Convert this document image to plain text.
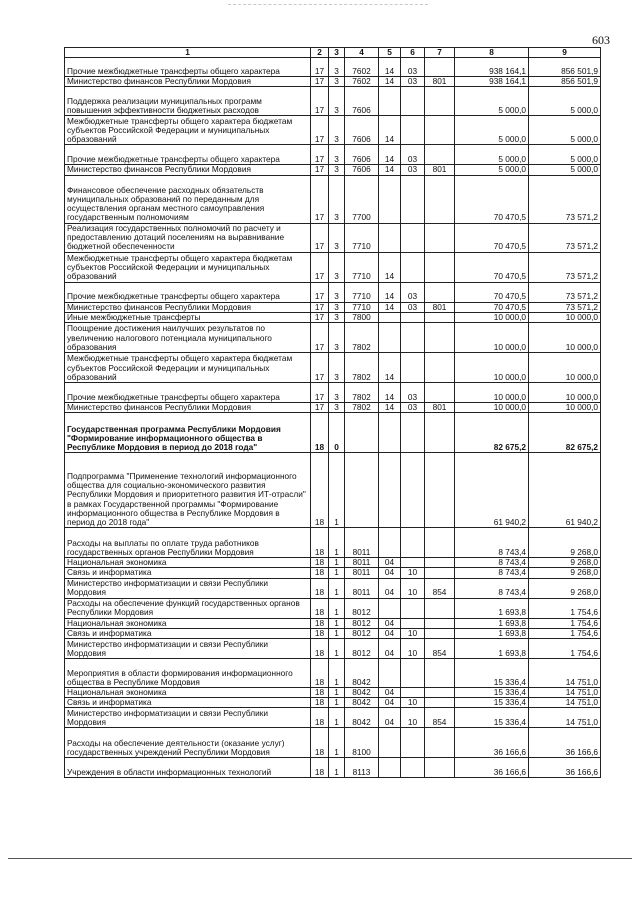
603
1	2	3	4	5	6	7	8	9
Прочие межбюджетные трансферты общего характера	17	3	7602	14	03		938 164,1	856 501,9
Министерство финансов Республики Мордовия	17	3	7602	14	03	801	938 164,1	856 501,9
Поддержка реализации муниципальных программ повышения эффективности бюджетных расходов	17	3	7606				5 000,0	5 000,0
Межбюджетные трансферты общего характера бюджетам субъектов Российской Федерации и муниципальных образований	17	3	7606	14			5 000,0	5 000,0
Прочие межбюджетные трансферты общего характера	17	3	7606	14	03		5 000,0	5 000,0
Министерство финансов Республики Мордовия	17	3	7606	14	03	801	5 000,0	5 000,0
Финансовое обеспечение расходных обязательств муниципальных образований по переданным для осуществления органам местного самоуправления государственным полномочиям	17	3	7700				70 470,5	73 571,2
Реализация государственных полномочий по расчету и предоставлению дотаций поселениям на выравнивание бюджетной обеспеченности	17	3	7710				70 470,5	73 571,2
Межбюджетные трансферты общего характера бюджетам субъектов Российской Федерации и муниципальных образований	17	3	7710	14			70 470,5	73 571,2
Прочие межбюджетные трансферты общего характера	17	3	7710	14	03		70 470,5	73 571,2
Министерство финансов Республики Мордовия	17	3	7710	14	03	801	70 470,5	73 571,2
Иные межбюджетные трансферты	17	3	7800				10 000,0	10 000,0
Поощрение достижения наилучших результатов по увеличению налогового потенциала муниципального образования	17	3	7802				10 000,0	10 000,0
Межбюджетные трансферты общего характера бюджетам субъектов Российской Федерации и муниципальных образований	17	3	7802	14			10 000,0	10 000,0
Прочие межбюджетные трансферты общего характера	17	3	7802	14	03		10 000,0	10 000,0
Министерство финансов Республики Мордовия	17	3	7802	14	03	801	10 000,0	10 000,0
Государственная программа Республики Мордовия "Формирование информационного общества в Республике Мордовия в период до 2018 года"	18	0					82 675,2	82 675,2
Подпрограмма "Применение технологий информационного общества для социально-экономического развития Республики Мордовия и приоритетного развития ИТ-отрасли" в рамках Государственной программы "Формирование информационного общества в Республике Мордовия в период до 2018 года"	18	1					61 940,2	61 940,2
Расходы на выплаты по оплате труда работников государственных органов Республики Мордовия	18	1	8011				8 743,4	9 268,0
Национальная экономика	18	1	8011	04			8 743,4	9 268,0
Связь и информатика	18	1	8011	04	10		8 743,4	9 268,0
Министерство информатизации и связи Республики Мордовия	18	1	8011	04	10	854	8 743,4	9 268,0
Расходы на обеспечение функций государственных органов Республики Мордовия	18	1	8012				1 693,8	1 754,6
Национальная экономика	18	1	8012	04			1 693,8	1 754,6
Связь и информатика	18	1	8012	04	10		1 693,8	1 754,6
Министерство информатизации и связи Республики Мордовия	18	1	8012	04	10	854	1 693,8	1 754,6
Мероприятия в области формирования информационного общества в Республике Мордовия	18	1	8042				15 336,4	14 751,0
Национальная экономика	18	1	8042	04			15 336,4	14 751,0
Связь и информатика	18	1	8042	04	10		15 336,4	14 751,0
Министерство информатизации и связи Республики Мордовия	18	1	8042	04	10	854	15 336,4	14 751,0
Расходы на обеспечение деятельности (оказание услуг) государственных учреждений Республики Мордовия	18	1	8100				36 166,6	36 166,6
Учреждения в области информационных технологий	18	1	8113				36 166,6	36 166,6
